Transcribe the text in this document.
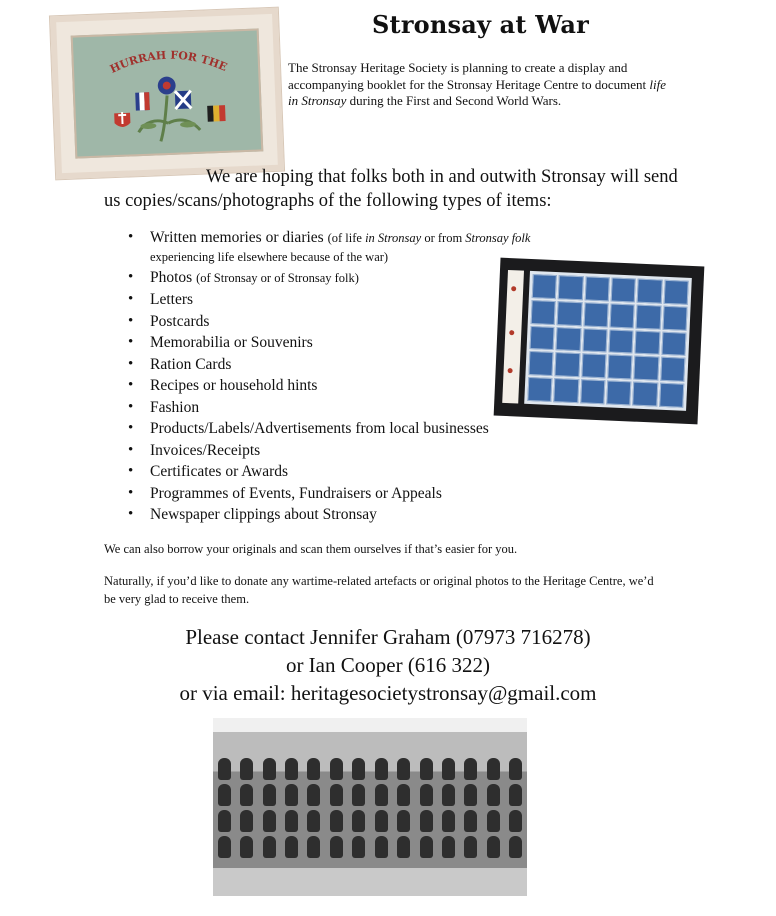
Stronsay at War
HURRAH FOR THE ALLIES

The Stronsay Heritage Society is planning to create a display and accompanying booklet for the Stronsay Heritage Centre to document life in Stronsay during the First and Second World Wars.

We are hoping that folks both in and outwith Stronsay will send us copies/scans/photographs of the following types of items:

• Written memories or diaries (of life in Stronsay or from Stronsay folk
experiencing life elsewhere because of the war)
• Photos (of Stronsay or of Stronsay folk)
• Letters
• Postcards
• Memorabilia or Souvenirs
• Ration Cards
• Recipes or household hints
• Fashion
• Products/Labels/Advertisements from local businesses
• Invoices/Receipts
• Certificates or Awards
• Programmes of Events, Fundraisers or Appeals
• Newspaper clippings about Stronsay

We can also borrow your originals and scan them ourselves if that’s easier for you.

Naturally, if you’d like to donate any wartime-related artefacts or original photos to the Heritage Centre, we’d be very glad to receive them.

Please contact Jennifer Graham (07973 716278)
or Ian Cooper (616 322)
or via email: heritagesocietystronsay@gmail.com
